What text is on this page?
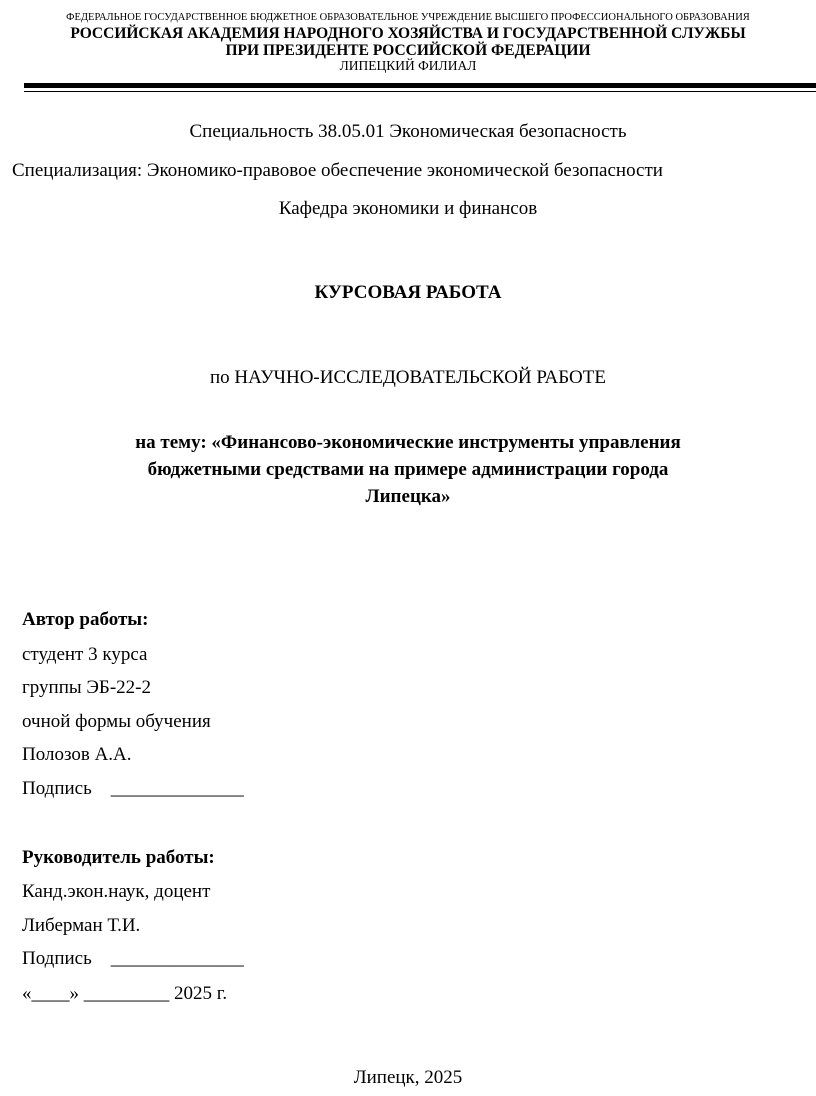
ФЕДЕРАЛЬНОЕ ГОСУДАРСТВЕННОЕ БЮДЖЕТНОЕ ОБРАЗОВАТЕЛЬНОЕ УЧРЕЖДЕНИЕ ВЫСШЕГО ПРОФЕССИОНАЛЬНОГО ОБРАЗОВАНИЯ
РОССИЙСКАЯ АКАДЕМИЯ НАРОДНОГО ХОЗЯЙСТВА И ГОСУДАРСТВЕННОЙ СЛУЖБЫ
ПРИ ПРЕЗИДЕНТЕ РОССИЙСКОЙ ФЕДЕРАЦИИ
ЛИПЕЦКИЙ ФИЛИАЛ
Специальность 38.05.01 Экономическая безопасность
Специализация: Экономико-правовое обеспечение экономической безопасности
Кафедра экономики и финансов
КУРСОВАЯ РАБОТА
по НАУЧНО-ИССЛЕДОВАТЕЛЬСКОЙ РАБОТЕ
на тему: «Финансово-экономические инструменты управления
бюджетными средствами на примере администрации города
Липецка»
Автор работы:
студент 3 курса
группы ЭБ-22-2
очной формы обучения
Полозов А.А.
Подпись    ______________
Руководитель работы:
Канд.экон.наук, доцент
Либерман Т.И.
Подпись    ______________
«____» _________ 2025 г.
Липецк, 2025
